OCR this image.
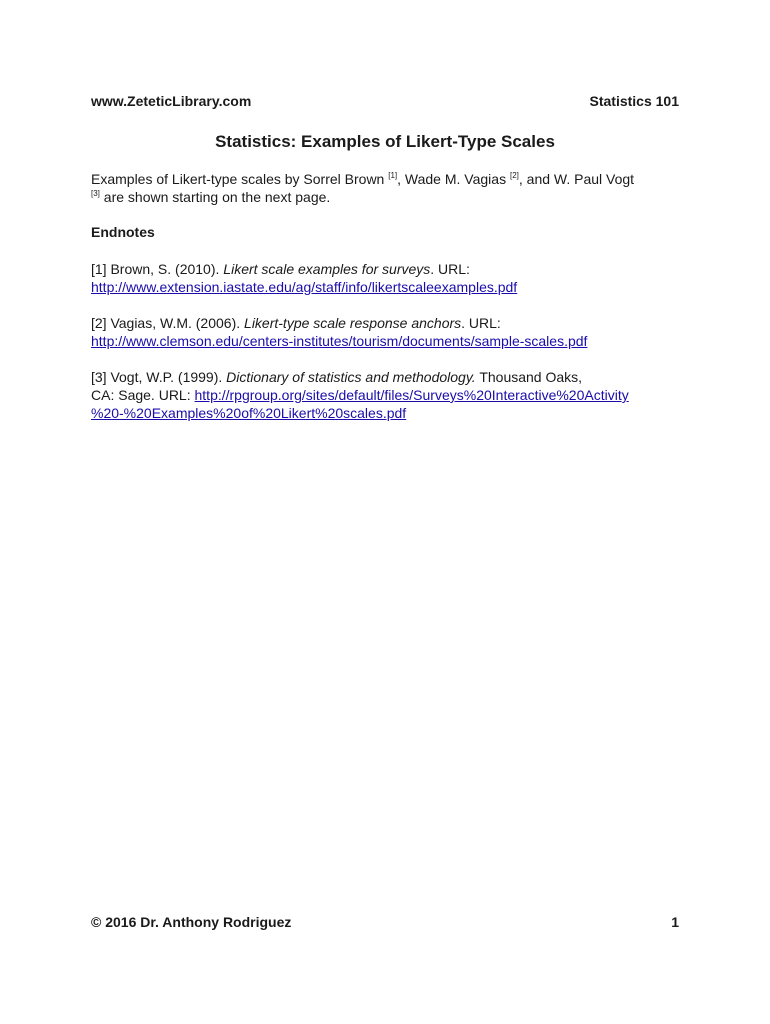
www.ZeteticLibrary.com	Statistics 101
Statistics: Examples of Likert-Type Scales
Examples of Likert-type scales by Sorrel Brown [1], Wade M. Vagias [2], and W. Paul Vogt
[3] are shown starting on the next page.
Endnotes
[1] Brown, S. (2010). Likert scale examples for surveys. URL:
http://www.extension.iastate.edu/ag/staff/info/likertscaleexamples.pdf
[2] Vagias, W.M. (2006). Likert-type scale response anchors. URL:
http://www.clemson.edu/centers-institutes/tourism/documents/sample-scales.pdf
[3] Vogt, W.P. (1999). Dictionary of statistics and methodology. Thousand Oaks,
CA: Sage. URL: http://rpgroup.org/sites/default/files/Surveys%20Interactive%20Activity
%20-%20Examples%20of%20Likert%20scales.pdf
© 2016 Dr. Anthony Rodriguez	1
